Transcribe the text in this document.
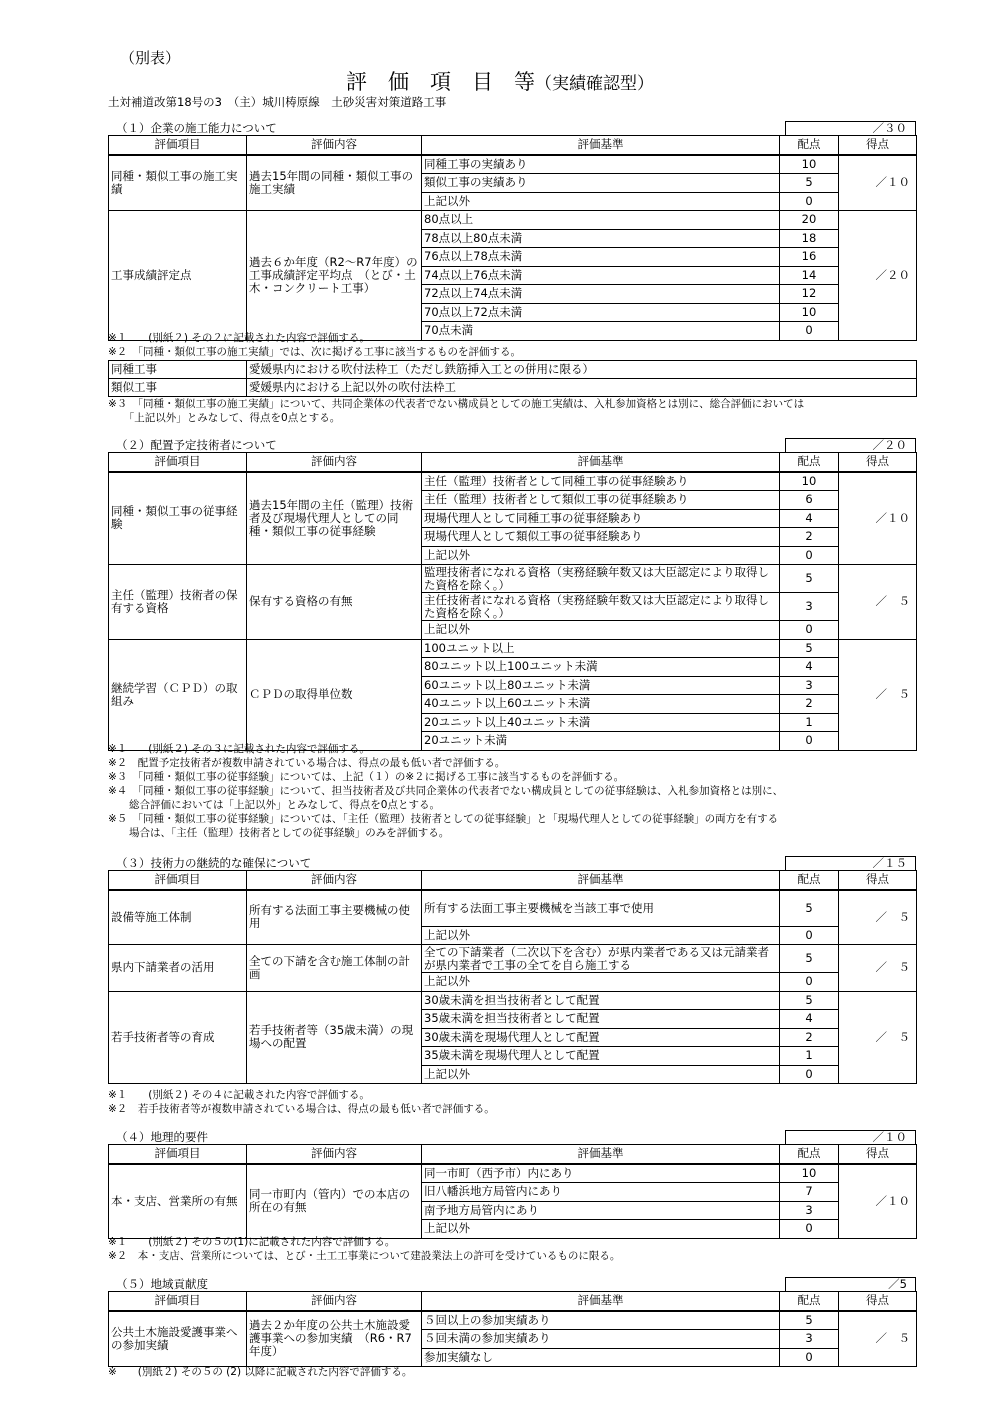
（別表）
評　価　項　目　等（実績確認型）
土対補道改第18号の3　（主）城川梼原線　土砂災害対策道路工事
（１）企業の施工能力について	／３０
評価項目	評価内容	評価基準	配点	得点
同種・類似工事の施工実績	過去15年間の同種・類似工事の施工実績	同種工事の実績あり	10	／１０
		類似工事の実績あり	5	
		上記以外	0	
工事成績評定点	過去６か年度（R2～R7年度）の工事成績評定平均点　（とび・土木・コンクリート工事）	80点以上	20	／２０
		78点以上80点未満	18	
		76点以上78点未満	16	
		74点以上76点未満	14	
		72点以上74点未満	12	
		70点以上72点未満	10	
		70点未満	0	
※１　　(別紙２) その２に記載された内容で評価する。
※２　「同種・類似工事の施工実績」では、次に掲げる工事に該当するものを評価する。
同種工事	愛媛県内における吹付法枠工（ただし鉄筋挿入工との併用に限る）
類似工事	愛媛県内における上記以外の吹付法枠工
※３　「同種・類似工事の施工実績」について、共同企業体の代表者でない構成員としての施工実績は、入札参加資格とは別に、総合評価においては
　　「上記以外」とみなして、得点を0点とする。
（２）配置予定技術者について	／２０
評価項目	評価内容	評価基準	配点	得点
同種・類似工事の従事経験	過去15年間の主任（監理）技術者及び現場代理人としての同種・類似工事の従事経験	主任（監理）技術者として同種工事の従事経験あり	10	／１０
		主任（監理）技術者として類似工事の従事経験あり	6	
		現場代理人として同種工事の従事経験あり	4	
		現場代理人として類似工事の従事経験あり	2	
		上記以外	0	
主任（監理）技術者の保有する資格	保有する資格の有無	監理技術者になれる資格（実務経験年数又は大臣認定により取得した資格を除く。）	5	／　５
		主任技術者になれる資格（実務経験年数又は大臣認定により取得した資格を除く。）	3	
		上記以外	0	
継続学習（ＣＰＤ）の取組み	ＣＰＤの取得単位数	100ユニット以上	5	／　５
		80ユニット以上100ユニット未満	4	
		60ユニット以上80ユニット未満	3	
		40ユニット以上60ユニット未満	2	
		20ユニット以上40ユニット未満	1	
		20ユニット未満	0	
※１　　(別紙２) その３に記載された内容で評価する。
※２　配置予定技術者が複数申請されている場合は、得点の最も低い者で評価する。
※３　「同種・類似工事の従事経験」については、上記（１）の※２に掲げる工事に該当するものを評価する。
※４　「同種・類似工事の従事経験」について、担当技術者及び共同企業体の代表者でない構成員としての従事経験は、入札参加資格とは別に、
　　総合評価においては「上記以外」とみなして、得点を0点とする。
※５　「同種・類似工事の従事経験」については、「主任（監理）技術者としての従事経験」と「現場代理人としての従事経験」の両方を有する
　　場合は、「主任（監理）技術者としての従事経験」のみを評価する。
（３）技術力の継続的な確保について	／１５
評価項目	評価内容	評価基準	配点	得点
設備等施工体制	所有する法面工事主要機械の使用	所有する法面工事主要機械を当該工事で使用	5	／　５
		上記以外	0	
県内下請業者の活用	全ての下請を含む施工体制の計画	全ての下請業者（二次以下を含む）が県内業者である又は元請業者が県内業者で工事の全てを自ら施工する	5	／　５
		上記以外	0	
若手技術者等の育成	若手技術者等（35歳未満）の現場への配置	30歳未満を担当技術者として配置	5	／　５
		35歳未満を担当技術者として配置	4	
		30歳未満を現場代理人として配置	2	
		35歳未満を現場代理人として配置	1	
		上記以外	0	
※１　　(別紙２) その４に記載された内容で評価する。
※２　若手技術者等が複数申請されている場合は、得点の最も低い者で評価する。
（４）地理的要件	／１０
評価項目	評価内容	評価基準	配点	得点
本・支店、営業所の有無	同一市町内（管内）での本店の所在の有無	同一市町（西予市）内にあり	10	／１０
		旧八幡浜地方局管内にあり	7	
		南予地方局管内にあり	3	
		上記以外	0	
※１　　(別紙２) その５の(1)に記載された内容で評価する。
※２　本・支店、営業所については、とび・土工工事業について建設業法上の許可を受けているものに限る。
（５）地域貢献度	／5
評価項目	評価内容	評価基準	配点	得点
公共土木施設愛護事業への参加実績	過去２か年度の公共土木施設愛護事業への参加実績　（R6・R7年度）	５回以上の参加実績あり	5	／　５
		５回未満の参加実績あり	3	
		参加実績なし	0	
※　　(別紙２) その５の (2) 以降に記載された内容で評価する。
